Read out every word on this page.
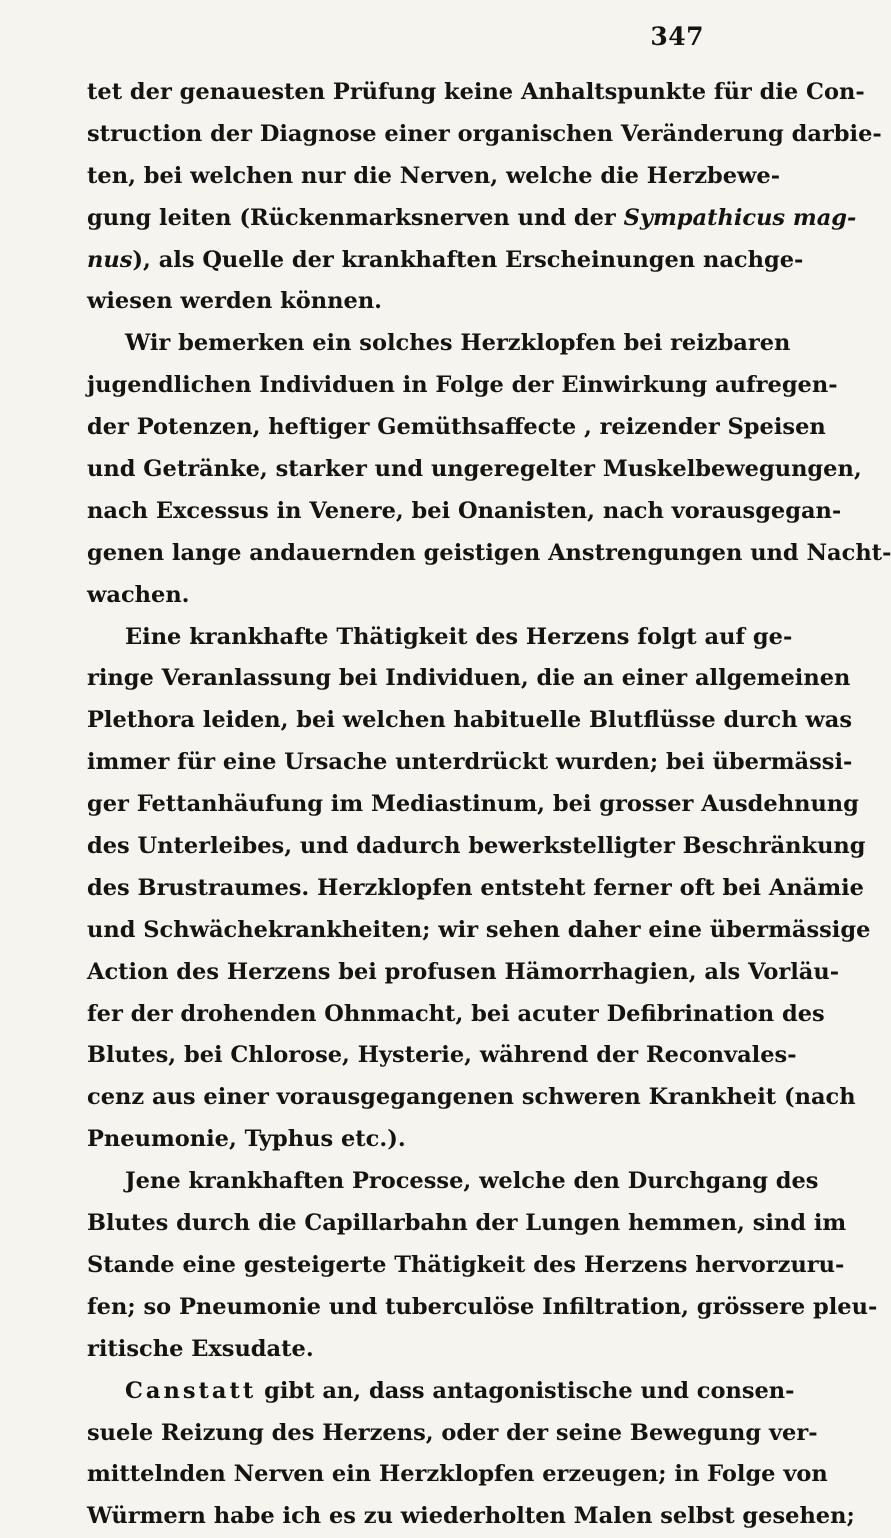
347
tet der genauesten Prüfung keine Anhaltspunkte für die Con-
struction der Diagnose einer organischen Veränderung darbie-
ten, bei welchen nur die Nerven, welche die Herzbewe-
gung leiten (Rückenmarksnerven und der Sympathicus mag-
nus), als Quelle der krankhaften Erscheinungen nachge-
wiesen werden können.
Wir bemerken ein solches Herzklopfen bei reizbaren
jugendlichen Individuen in Folge der Einwirkung aufregen-
der Potenzen, heftiger Gemüthsaffecte , reizender Speisen
und Getränke, starker und ungeregelter Muskelbewegungen,
nach Excessus in Venere, bei Onanisten, nach vorausgegan-
genen lange andauernden geistigen Anstrengungen und Nacht-
wachen.
Eine krankhafte Thätigkeit des Herzens folgt auf ge-
ringe Veranlassung bei Individuen, die an einer allgemeinen
Plethora leiden, bei welchen habituelle Blutflüsse durch was
immer für eine Ursache unterdrückt wurden; bei übermässi-
ger Fettanhäufung im Mediastinum, bei grosser Ausdehnung
des Unterleibes, und dadurch bewerkstelligter Beschränkung
des Brustraumes. Herzklopfen entsteht ferner oft bei Anämie
und Schwächekrankheiten; wir sehen daher eine übermässige
Action des Herzens bei profusen Hämorrhagien, als Vorläu-
fer der drohenden Ohnmacht, bei acuter Defibrination des
Blutes, bei Chlorose, Hysterie, während der Reconvales-
cenz aus einer vorausgegangenen schweren Krankheit (nach
Pneumonie, Typhus etc.).
Jene krankhaften Processe, welche den Durchgang des
Blutes durch die Capillarbahn der Lungen hemmen, sind im
Stande eine gesteigerte Thätigkeit des Herzens hervorzuru-
fen; so Pneumonie und tuberculöse Infiltration, grössere pleu-
ritische Exsudate.
Canstatt gibt an, dass antagonistische und consen-
suele Reizung des Herzens, oder der seine Bewegung ver-
mittelnden Nerven ein Herzklopfen erzeugen; in Folge von
Würmern habe ich es zu wiederholten Malen selbst gesehen;
